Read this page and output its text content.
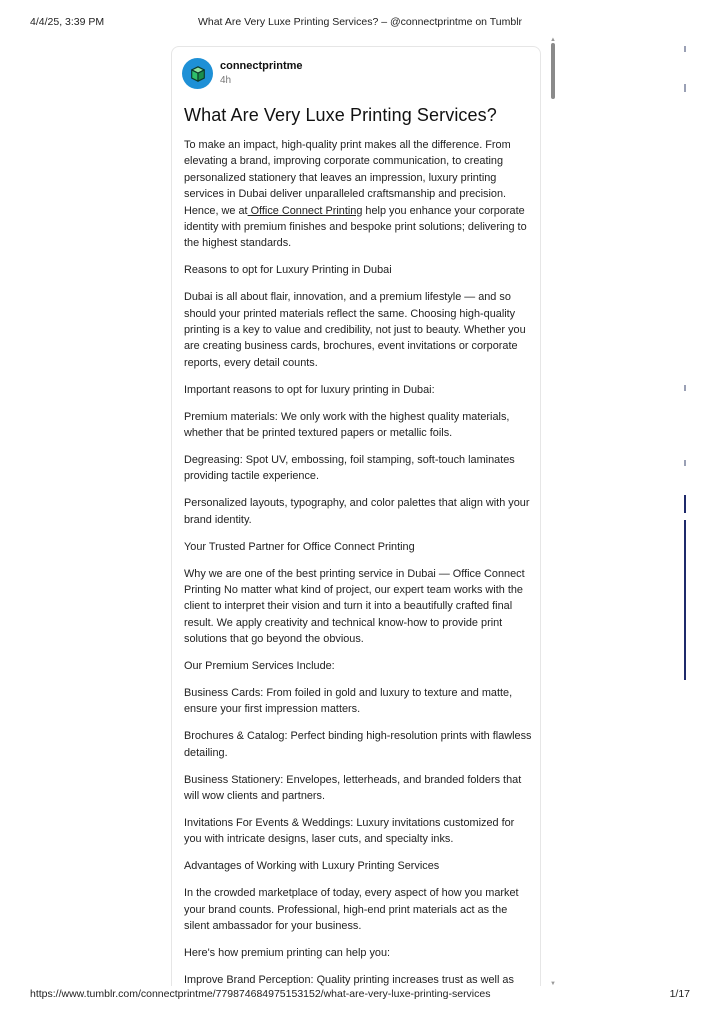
4/4/25, 3:39 PM	What Are Very Luxe Printing Services? – @connectprintme on Tumblr
connectprintme
4h
What Are Very Luxe Printing Services?

To make an impact, high-quality print makes all the difference. From elevating a brand, improving corporate communication, to creating personalized stationery that leaves an impression, luxury printing services in Dubai deliver unparalleled craftsmanship and precision. Hence, we at Office Connect Printing help you enhance your corporate identity with premium finishes and bespoke print solutions; delivering to the highest standards.

Reasons to opt for Luxury Printing in Dubai

Dubai is all about flair, innovation, and a premium lifestyle — and so should your printed materials reflect the same. Choosing high-quality printing is a key to value and credibility, not just to beauty. Whether you are creating business cards, brochures, event invitations or corporate reports, every detail counts.

Important reasons to opt for luxury printing in Dubai:

Premium materials: We only work with the highest quality materials, whether that be printed textured papers or metallic foils.

Degreasing: Spot UV, embossing, foil stamping, soft-touch laminates providing tactile experience.

Personalized layouts, typography, and color palettes that align with your brand identity.

Your Trusted Partner for Office Connect Printing

Why we are one of the best printing service in Dubai — Office Connect Printing No matter what kind of project, our expert team works with the client to interpret their vision and turn it into a beautifully crafted final result. We apply creativity and technical know-how to provide print solutions that go beyond the obvious.

Our Premium Services Include:

Business Cards: From foiled in gold and luxury to texture and matte, ensure your first impression matters.

Brochures & Catalog: Perfect binding high-resolution prints with flawless detailing.

Business Stationery: Envelopes, letterheads, and branded folders that will wow clients and partners.

Invitations For Events & Weddings: Luxury invitations customized for you with intricate designs, laser cuts, and specialty inks.

Advantages of Working with Luxury Printing Services

In the crowded marketplace of today, every aspect of how you market your brand counts. Professional, high-end print materials act as the silent ambassador for your business.

Here's how premium printing can help you:

Improve Brand Perception: Quality printing increases trust as well as

▲
▼
https://www.tumblr.com/connectprintme/779874684975153152/what-are-very-luxe-printing-services	1/17
